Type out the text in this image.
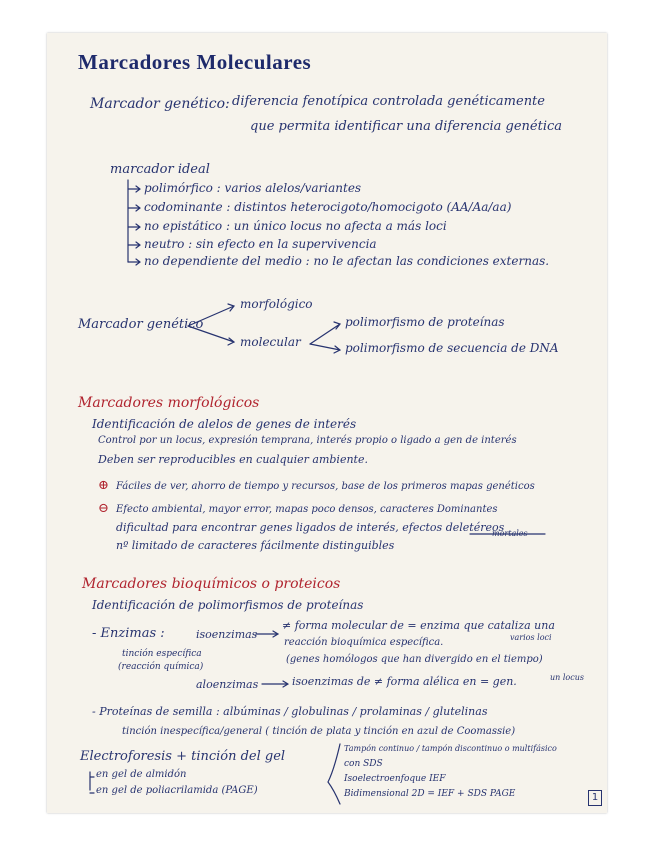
Marcadores Moleculares
Marcador genético: diferencia fenotípica controlada genéticamente
que permita identificar una diferencia genética
marcador ideal
polimórfico : varios alelos/variantes
codominante : distintos heterocigoto/homocigoto (AA/Aa/aa)
no epistático : un único locus no afecta a más loci
neutro : sin efecto en la supervivencia
no dependiente del medio : no le afectan las condiciones externas.
Marcador genético
morfológico
molecular
polimorfismo de proteínas
polimorfismo de secuencia de DNA
Marcadores morfológicos
Identificación de alelos de genes de interés
Control por un locus, expresión temprana, interés propio o ligado a gen de interés
Deben ser reproducibles en cualquier ambiente.
⊕ Fáciles de ver, ahorro de tiempo y recursos, base de los primeros mapas genéticos
⊖ Efecto ambiental, mayor error, mapas poco densos, caracteres Dominantes
dificultad para encontrar genes ligados de interés, efectos deletéreos
mortales
nº limitado de caracteres fácilmente distinguibles
Marcadores bioquímicos o proteicos
Identificación de polimorfismos de proteínas
- Enzimas :	isoenzimas
≠ forma molecular de = enzima que cataliza una
reacción bioquímica específica.	varios loci
(genes homólogos que han divergido en el tiempo)
tinción específica
(reacción química)
aloenzimas	isoenzimas de ≠ forma alélica en = gen.	un locus
- Proteínas de semilla : albúminas / globulinas / prolaminas / glutelinas
tinción inespecífica/general ( tinción de plata y tinción en azul de Coomassie)
Electroforesis + tinción del gel
en gel de almidón
en gel de poliacrilamida (PAGE)
Tampón continuo / tampón discontinuo o multifásico
con SDS
Isoelectroenfoque IEF
Bidimensional 2D = IEF + SDS PAGE	1
